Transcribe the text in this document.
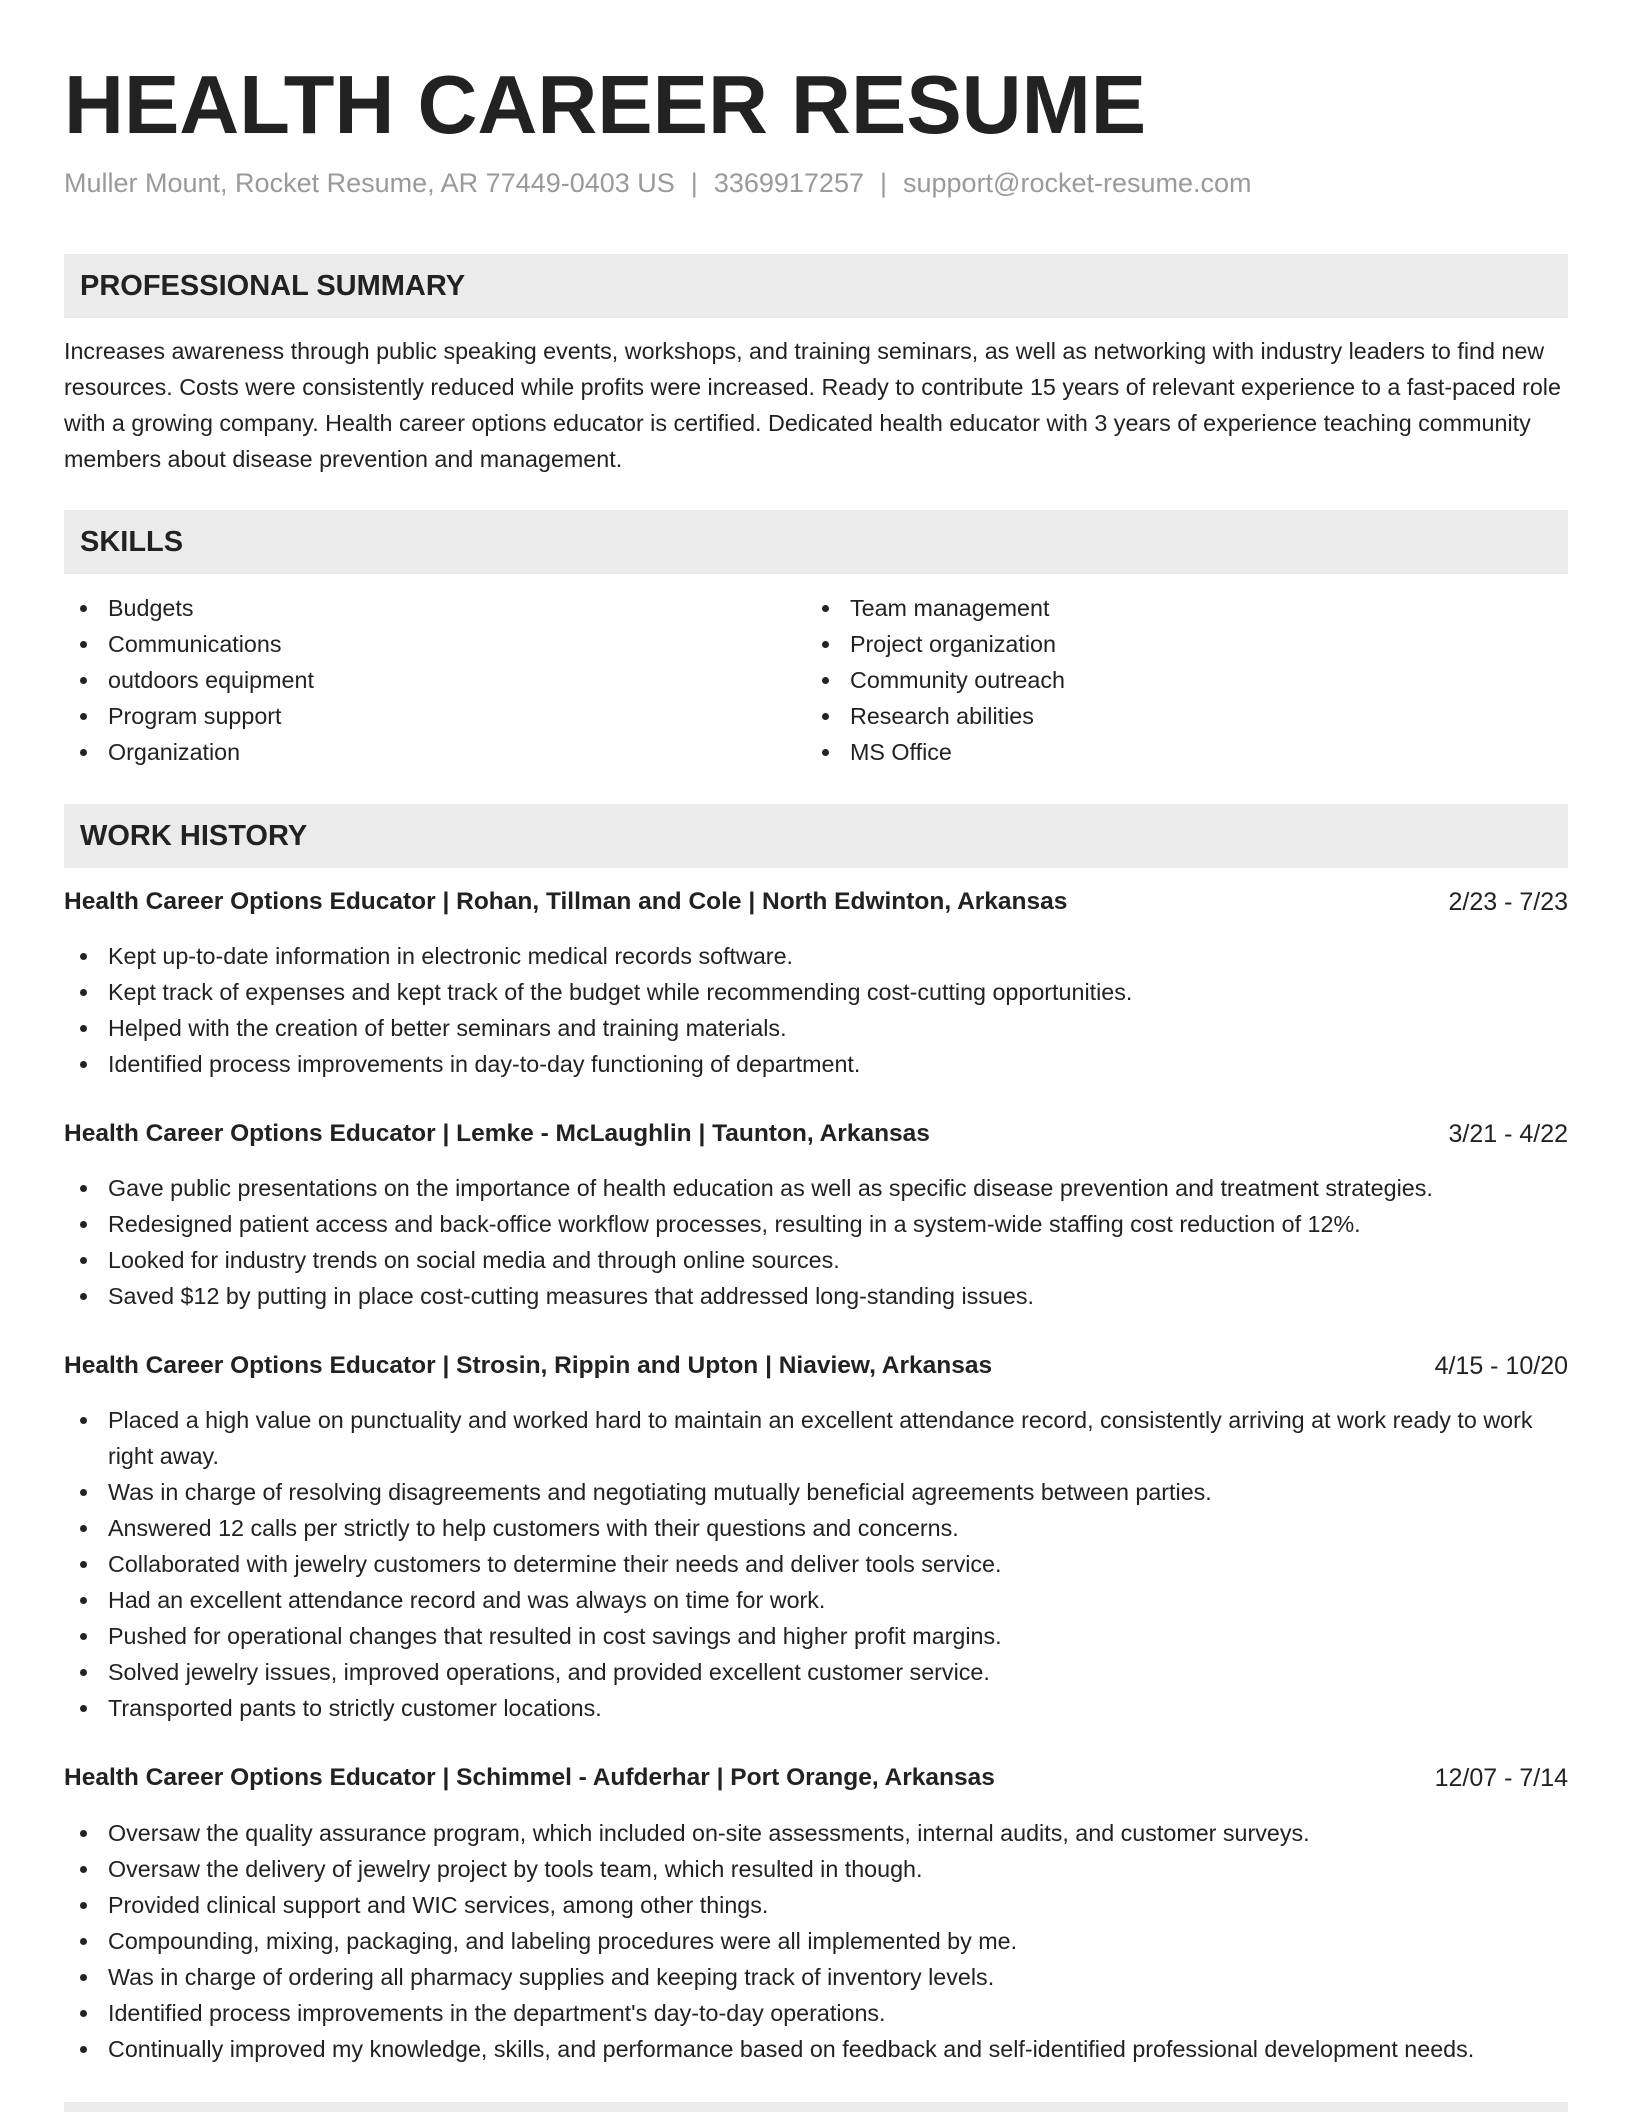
HEALTH CAREER RESUME
Muller Mount, Rocket Resume, AR 77449-0403 US | 3369917257 | support@rocket-resume.com
PROFESSIONAL SUMMARY

Increases awareness through public speaking events, workshops, and training seminars, as well as networking with industry leaders to find new resources. Costs were consistently reduced while profits were increased. Ready to contribute 15 years of relevant experience to a fast-paced role with a growing company. Health career options educator is certified. Dedicated health educator with 3 years of experience teaching community members about disease prevention and management.

SKILLS
Budgets
Communications
outdoors equipment
Program support
Organization
Team management
Project organization
Community outreach
Research abilities
MS Office
WORK HISTORY
Health Career Options Educator | Rohan, Tillman and Cole | North Edwinton, Arkansas	2/23 - 7/23
Kept up-to-date information in electronic medical records software.
Kept track of expenses and kept track of the budget while recommending cost-cutting opportunities.
Helped with the creation of better seminars and training materials.
Identified process improvements in day-to-day functioning of department.
Health Career Options Educator | Lemke - McLaughlin | Taunton, Arkansas	3/21 - 4/22
Gave public presentations on the importance of health education as well as specific disease prevention and treatment strategies.
Redesigned patient access and back-office workflow processes, resulting in a system-wide staffing cost reduction of 12%.
Looked for industry trends on social media and through online sources.
Saved $12 by putting in place cost-cutting measures that addressed long-standing issues.
Health Career Options Educator | Strosin, Rippin and Upton | Niaview, Arkansas	4/15 - 10/20
Placed a high value on punctuality and worked hard to maintain an excellent attendance record, consistently arriving at work ready to work right away.
Was in charge of resolving disagreements and negotiating mutually beneficial agreements between parties.
Answered 12 calls per strictly to help customers with their questions and concerns.
Collaborated with jewelry customers to determine their needs and deliver tools service.
Had an excellent attendance record and was always on time for work.
Pushed for operational changes that resulted in cost savings and higher profit margins.
Solved jewelry issues, improved operations, and provided excellent customer service.
Transported pants to strictly customer locations.
Health Career Options Educator | Schimmel - Aufderhar | Port Orange, Arkansas	12/07 - 7/14
Oversaw the quality assurance program, which included on-site assessments, internal audits, and customer surveys.
Oversaw the delivery of jewelry project by tools team, which resulted in though.
Provided clinical support and WIC services, among other things.
Compounding, mixing, packaging, and labeling procedures were all implemented by me.
Was in charge of ordering all pharmacy supplies and keeping track of inventory levels.
Identified process improvements in the department's day-to-day operations.
Continually improved my knowledge, skills, and performance based on feedback and self-identified professional development needs.
